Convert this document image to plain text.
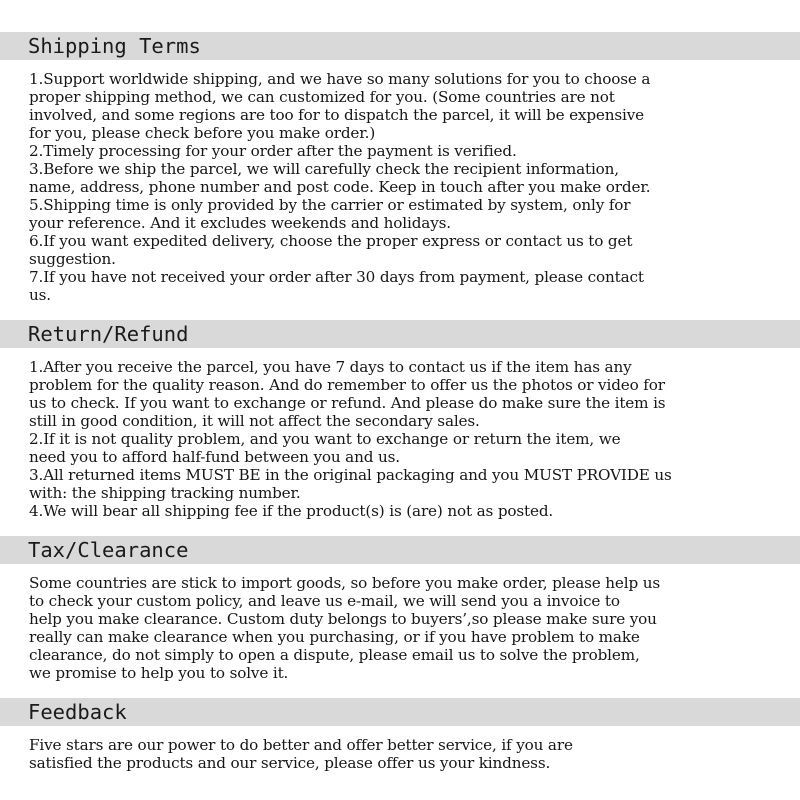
Shipping Terms
1.Support worldwide shipping, and we have so many solutions for you to choose a
proper shipping method, we can customized for you. (Some countries are not
involved, and some regions are too for to dispatch the parcel, it will be expensive
for you, please check before you make order.)
2.Timely processing for your order after the payment is verified.
3.Before we ship the parcel, we will carefully check the recipient information,
name, address, phone number and post code. Keep in touch after you make order.
5.Shipping time is only provided by the carrier or estimated by system, only for
your reference. And it excludes weekends and holidays.
6.If you want expedited delivery, choose the proper express or contact us to get
suggestion.
7.If you have not received your order after 30 days from payment, please contact
us.
Return/Refund
1.After you receive the parcel, you have 7 days to contact us if the item has any
problem for the quality reason. And do remember to offer us the photos or video for
us to check. If you want to exchange or refund. And please do make sure the item is
still in good condition, it will not affect the secondary sales.
2.If it is not quality problem, and you want to exchange or return the item, we
need you to afford half-fund between you and us.
3.All returned items MUST BE in the original packaging and you MUST PROVIDE us
with: the shipping tracking number.
4.We will bear all shipping fee if the product(s) is (are) not as posted.
Tax/Clearance
Some countries are stick to import goods, so before you make order, please help us
to check your custom policy, and leave us e-mail, we will send you a invoice to
help you make clearance. Custom duty belongs to buyers’,so please make sure you
really can make clearance when you purchasing, or if you have problem to make
clearance, do not simply to open a dispute, please email us to solve the problem,
we promise to help you to solve it.
Feedback
Five stars are our power to do better and offer better service, if you are
satisfied the products and our service, please offer us your kindness.
